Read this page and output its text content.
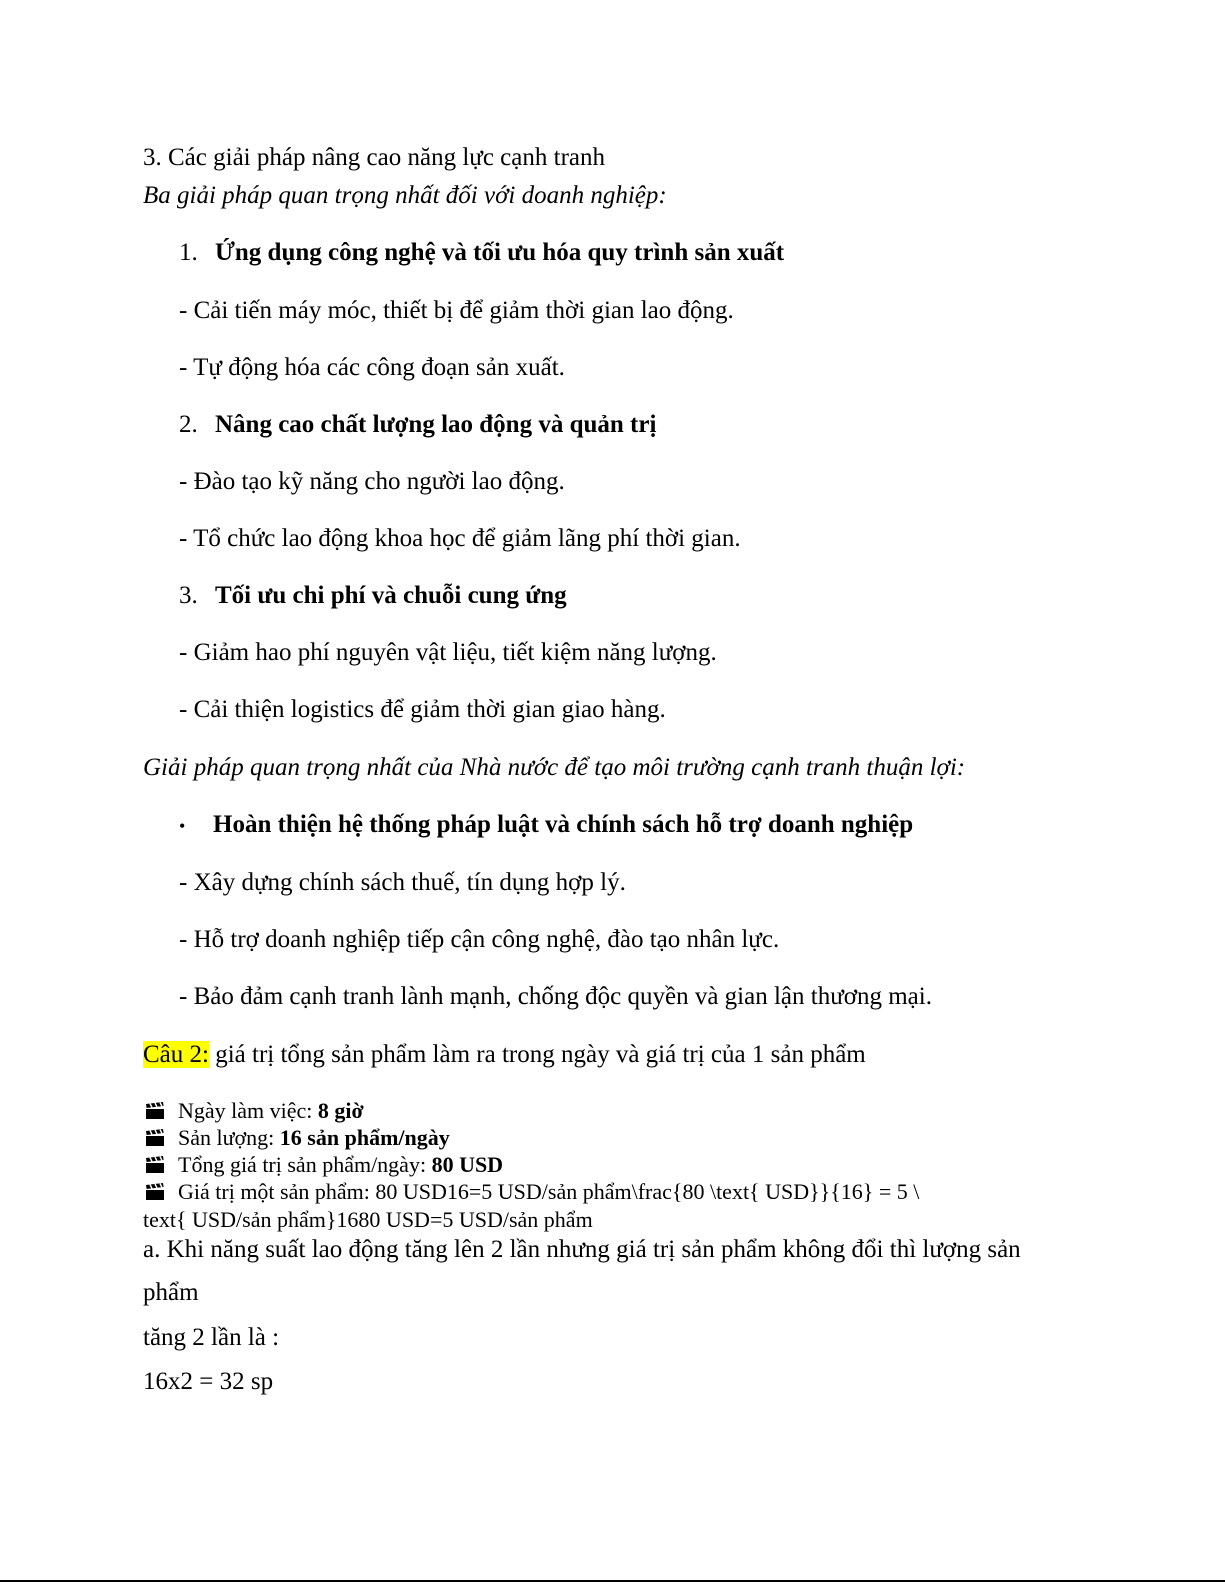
3. Các giải pháp nâng cao năng lực cạnh tranh
Ba giải pháp quan trọng nhất đối với doanh nghiệp:
1. Ứng dụng công nghệ và tối ưu hóa quy trình sản xuất
- Cải tiến máy móc, thiết bị để giảm thời gian lao động.
- Tự động hóa các công đoạn sản xuất.
2. Nâng cao chất lượng lao động và quản trị
- Đào tạo kỹ năng cho người lao động.
- Tổ chức lao động khoa học để giảm lãng phí thời gian.
3. Tối ưu chi phí và chuỗi cung ứng
- Giảm hao phí nguyên vật liệu, tiết kiệm năng lượng.
- Cải thiện logistics để giảm thời gian giao hàng.
Giải pháp quan trọng nhất của Nhà nước để tạo môi trường cạnh tranh thuận lợi:
• Hoàn thiện hệ thống pháp luật và chính sách hỗ trợ doanh nghiệp
- Xây dựng chính sách thuế, tín dụng hợp lý.
- Hỗ trợ doanh nghiệp tiếp cận công nghệ, đào tạo nhân lực.
- Bảo đảm cạnh tranh lành mạnh, chống độc quyền và gian lận thương mại.
Câu 2: giá trị tổng sản phẩm làm ra trong ngày và giá trị của 1 sản phẩm
Ngày làm việc: 8 giờ
Sản lượng: 16 sản phẩm/ngày
Tổng giá trị sản phẩm/ngày: 80 USD
Giá trị một sản phẩm: 80 USD16=5 USD/sản phẩm\frac{80 \text{ USD}}{16} = 5 \
text{ USD/sản phẩm}1680 USD=5 USD/sản phẩm
a. Khi năng suất lao động tăng lên 2 lần nhưng giá trị sản phẩm không đổi thì lượng sản
phẩm
tăng 2 lần là :
16x2 = 32 sp
